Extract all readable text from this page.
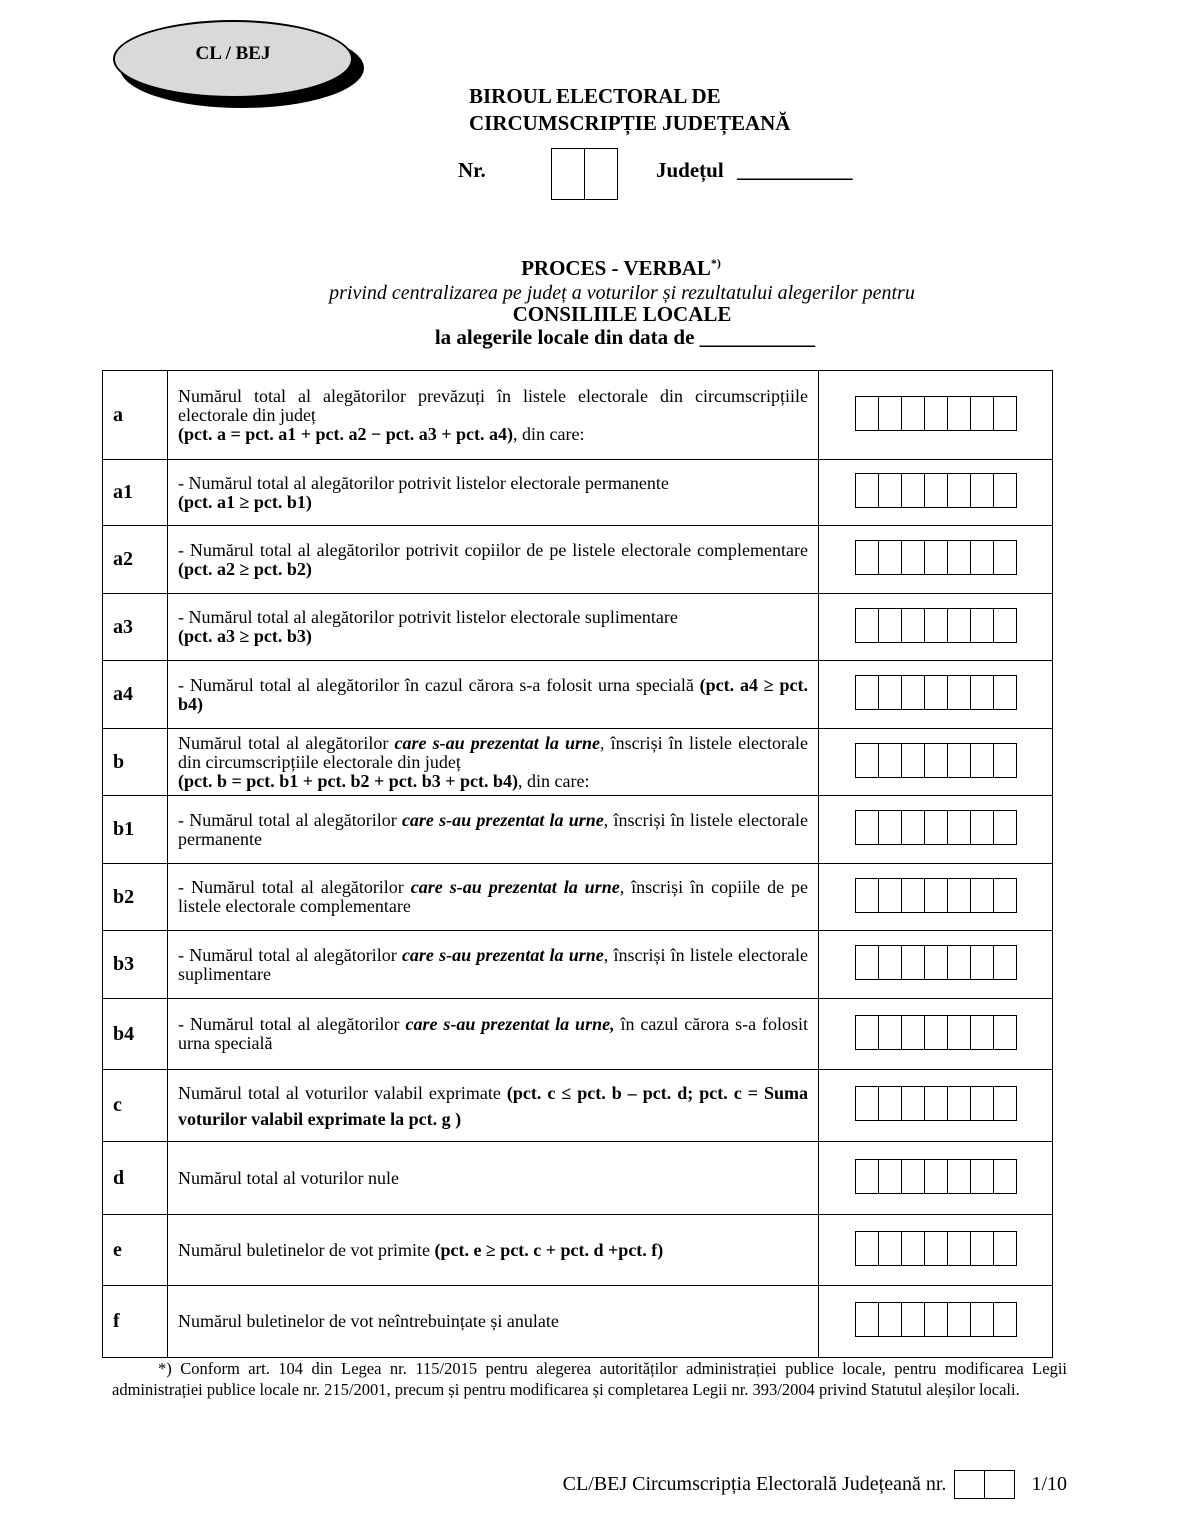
CL / BEJ
BIROUL ELECTORAL DE
CIRCUMSCRIPȚIE JUDEȚEANĂ
Nr.	Județul ___________
PROCES - VERBAL*)
privind centralizarea pe județ a voturilor și rezultatului alegerilor pentru
CONSILIILE LOCALE
la alegerile locale din data de ___________
a	Numărul total al alegătorilor prevăzuți în listele electorale din circumscripțiile electorale din județ
(pct. a = pct. a1 + pct. a2 − pct. a3 + pct. a4), din care:	

a1	- Numărul total al alegătorilor potrivit listelor electorale permanente
(pct. a1 ≥ pct. b1)	

a2	- Numărul total al alegătorilor potrivit copiilor de pe listele electorale complementare (pct. a2 ≥ pct. b2)	

a3	- Numărul total al alegătorilor potrivit listelor electorale suplimentare
(pct. a3 ≥ pct. b3)	

a4	- Numărul total al alegătorilor în cazul cărora s-a folosit urna specială (pct. a4 ≥ pct. b4)	

b	Numărul total al alegătorilor care s-au prezentat la urne, înscriși în listele electorale din circumscripțiile electorale din județ
(pct. b = pct. b1 + pct. b2 + pct. b3 + pct. b4), din care:	

b1	- Numărul total al alegătorilor care s-au prezentat la urne, înscriși în listele electorale permanente	

b2	- Numărul total al alegătorilor care s-au prezentat la urne, înscriși în copiile de pe listele electorale complementare	

b3	- Numărul total al alegătorilor care s-au prezentat la urne, înscriși în listele electorale suplimentare	

b4	- Numărul total al alegătorilor care s-au prezentat la urne, în cazul cărora s-a folosit urna specială	

c	Numărul total al voturilor valabil exprimate (pct. c ≤ pct. b – pct. d; pct. c = Suma voturilor valabil exprimate la pct. g )	

d	Numărul total al voturilor nule	

e	Numărul buletinelor de vot primite (pct. e ≥ pct. c + pct. d +pct. f)	

f	Numărul buletinelor de vot neîntrebuințate și anulate	
*) Conform art. 104 din Legea nr. 115/2015 pentru alegerea autorităților administrației publice locale, pentru modificarea Legii administrației publice locale nr. 215/2001, precum și pentru modificarea și completarea Legii nr. 393/2004 privind Statutul aleșilor locali.
CL/BEJ Circumscripția Electorală Județeană nr.	1/10
